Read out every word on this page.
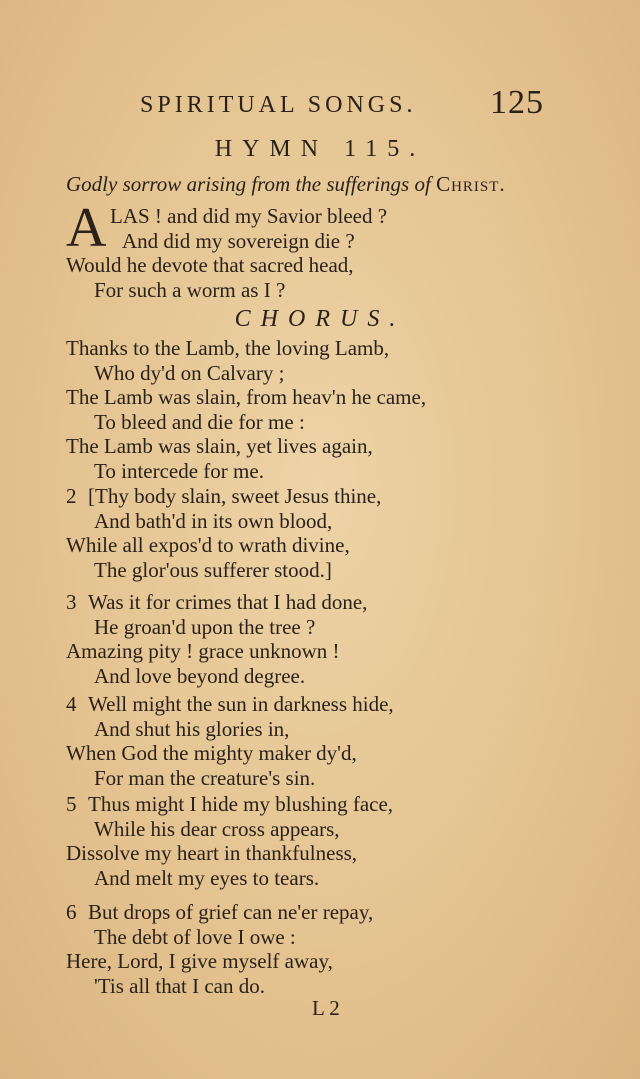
SPIRITUAL SONGS. 125
HYMN 115.
Godly sorrow arising from the sufferings of Christ.
A LAS ! and did my Savior bleed ?
And did my sovereign die ?
Would he devote that sacred head,
For such a worm as I ?
CHORUS.
Thanks to the Lamb, the loving Lamb,
Who dy'd on Calvary ;
The Lamb was slain, from heav'n he came,
To bleed and die for me :
The Lamb was slain, yet lives again,
To intercede for me.
2 [Thy body slain, sweet Jesus thine,
And bath'd in its own blood,
While all expos'd to wrath divine,
The glor'ous sufferer stood.]
3 Was it for crimes that I had done,
He groan'd upon the tree ?
Amazing pity ! grace unknown !
And love beyond degree.
4 Well might the sun in darkness hide,
And shut his glories in,
When God the mighty maker dy'd,
For man the creature's sin.
5 Thus might I hide my blushing face,
While his dear cross appears,
Dissolve my heart in thankfulness,
And melt my eyes to tears.
6 But drops of grief can ne'er repay,
The debt of love I owe :
Here, Lord, I give myself away,
'Tis all that I can do.
L 2
